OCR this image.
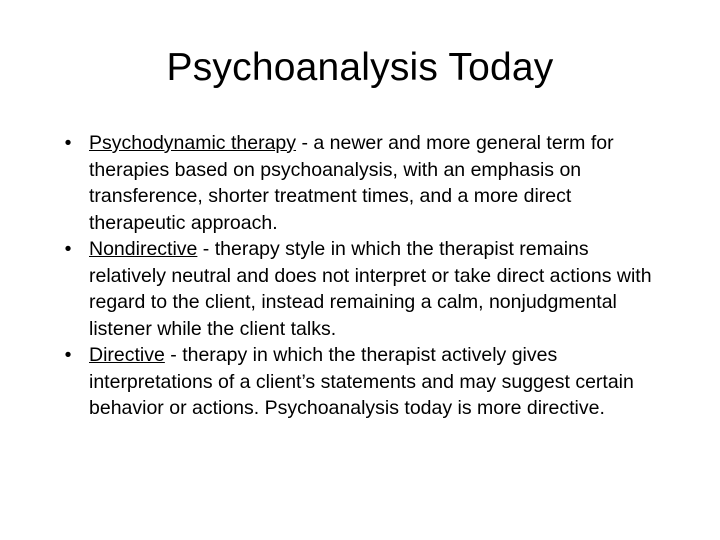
Psychoanalysis Today
• Psychodynamic therapy - a newer and more general term for therapies based on psychoanalysis, with an emphasis on transference, shorter treatment times, and a more direct therapeutic approach.
• Nondirective - therapy style in which the therapist remains relatively neutral and does not interpret or take direct actions with regard to the client, instead remaining a calm, nonjudgmental listener while the client talks.
• Directive - therapy in which the therapist actively gives interpretations of a client’s statements and may suggest certain behavior or actions. Psychoanalysis today is more directive.
